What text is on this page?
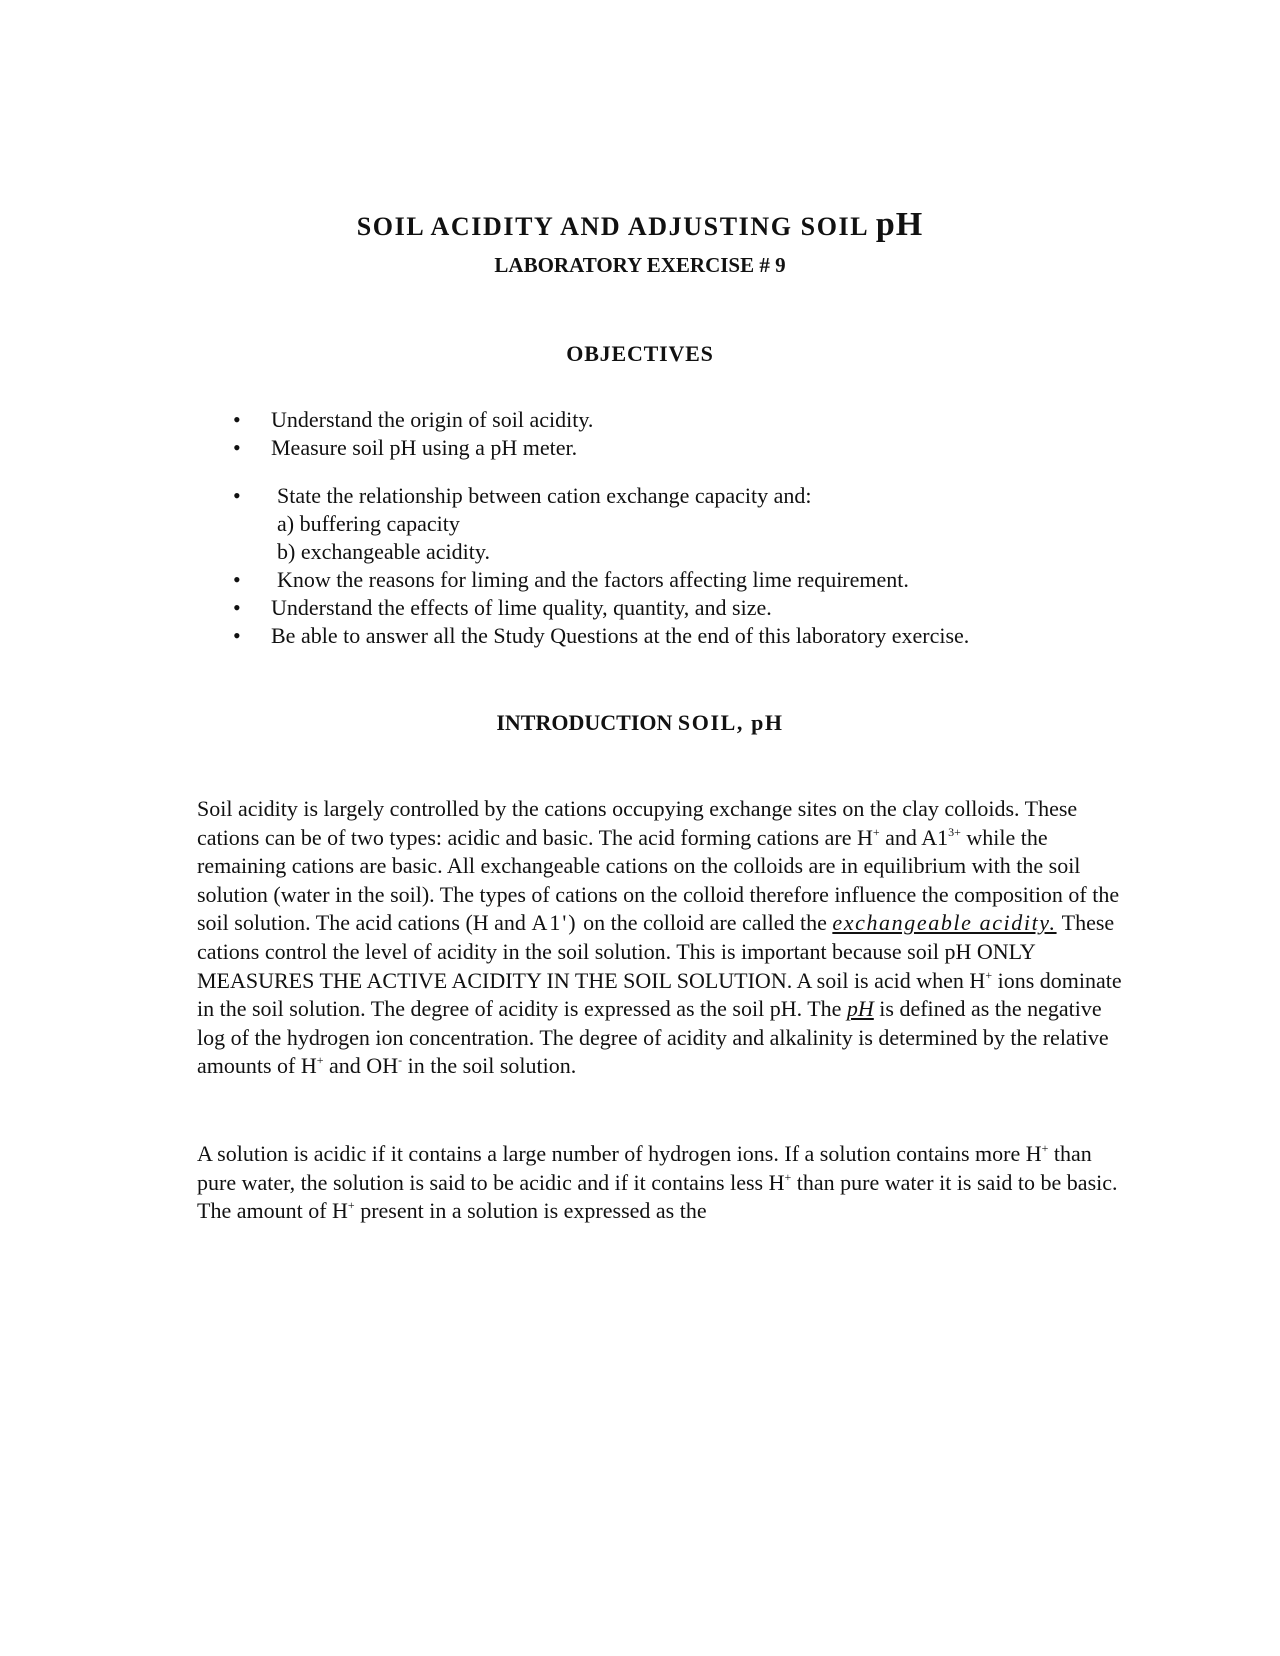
SOIL ACIDITY AND ADJUSTING SOIL pH
LABORATORY EXERCISE # 9
OBJECTIVES
•	Understand the origin of soil acidity.
•	Measure soil pH using a pH meter.
•	State the relationship between cation exchange capacity and:
a) buffering capacity
b) exchangeable acidity.
•	Know the reasons for liming and the factors affecting lime requirement.
•	Understand the effects of lime quality, quantity, and size.
•	Be able to answer all the Study Questions at the end of this laboratory exercise.
INTRODUCTION SOIL, pH

Soil acidity is largely controlled by the cations occupying exchange sites on the clay colloids. These cations can be of two types: acidic and basic. The acid forming cations are H+ and $A1^{3+}$ while the remaining cations are basic. All exchangeable cations on the colloids are in equilibrium with the soil solution (water in the soil). The types of cations on the colloid therefore influence the composition of the soil solution. The acid cations (H and A1') on the colloid are called the exchangeable acidity. These cations control the level of acidity in the soil solution. This is important because soil pH ONLY MEASURES THE ACTIVE ACIDITY IN THE SOIL SOLUTION. A soil is acid when H+ ions dominate in the soil solution. The degree of acidity is expressed as the soil pH. The pH is defined as the negative log of the hydrogen ion concentration. The degree of acidity and alkalinity is determined by the relative amounts of H+ and OH- in the soil solution.

A solution is acidic if it contains a large number of hydrogen ions. If a solution contains more H+ than pure water, the solution is said to be acidic and if it contains less H+ than pure water it is said to be basic. The amount of H+ present in a solution is expressed as the
